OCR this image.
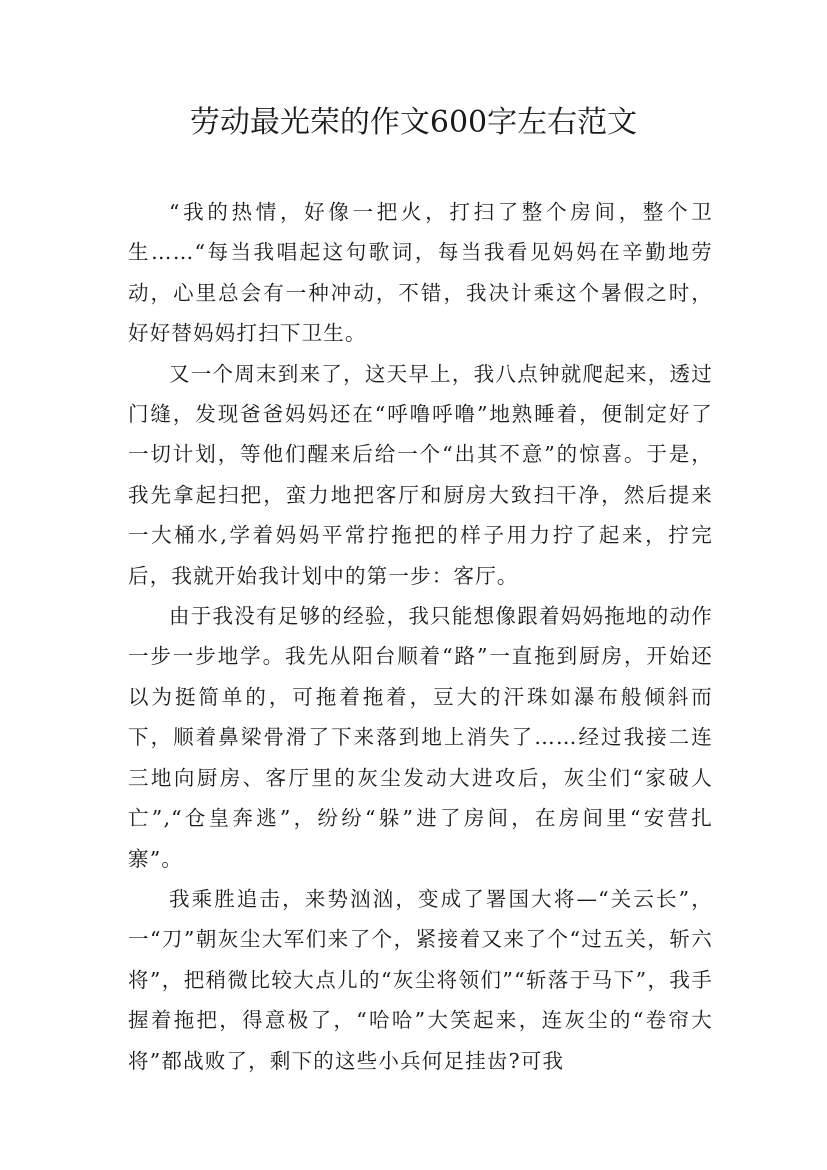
劳动最光荣的作文600字左右范文

“我的热情，好像一把火，打扫了整个房间，整个卫生……“每当我唱起这句歌词，每当我看见妈妈在辛勤地劳动，心里总会有一种冲动，不错，我决计乘这个暑假之时，好好替妈妈打扫下卫生。

又一个周末到来了，这天早上，我八点钟就爬起来，透过门缝，发现爸爸妈妈还在“呼噜呼噜”地熟睡着，便制定好了一切计划，等他们醒来后给一个“出其不意”的惊喜。于是，我先拿起扫把，蛮力地把客厅和厨房大致扫干净，然后提来一大桶水,学着妈妈平常拧拖把的样子用力拧了起来，拧完后，我就开始我计划中的第一步：客厅。

由于我没有足够的经验，我只能想像跟着妈妈拖地的动作一步一步地学。我先从阳台顺着“路”一直拖到厨房，开始还以为挺简单的，可拖着拖着，豆大的汗珠如瀑布般倾斜而下，顺着鼻梁骨滑了下来落到地上消失了……经过我接二连三地向厨房、客厅里的灰尘发动大进攻后，灰尘们“家破人亡”,“仓皇奔逃”，纷纷“躲”进了房间，在房间里“安营扎寨”。

我乘胜追击，来势汹汹，变成了署国大将—“关云长”，一“刀”朝灰尘大军们来了个，紧接着又来了个“过五关，斩六将”，把稍微比较大点儿的“灰尘将领们”“斩落于马下”，我手握着拖把，得意极了，“哈哈”大笑起来，连灰尘的“卷帘大将”都战败了，剩下的这些小兵何足挂齿?可我
